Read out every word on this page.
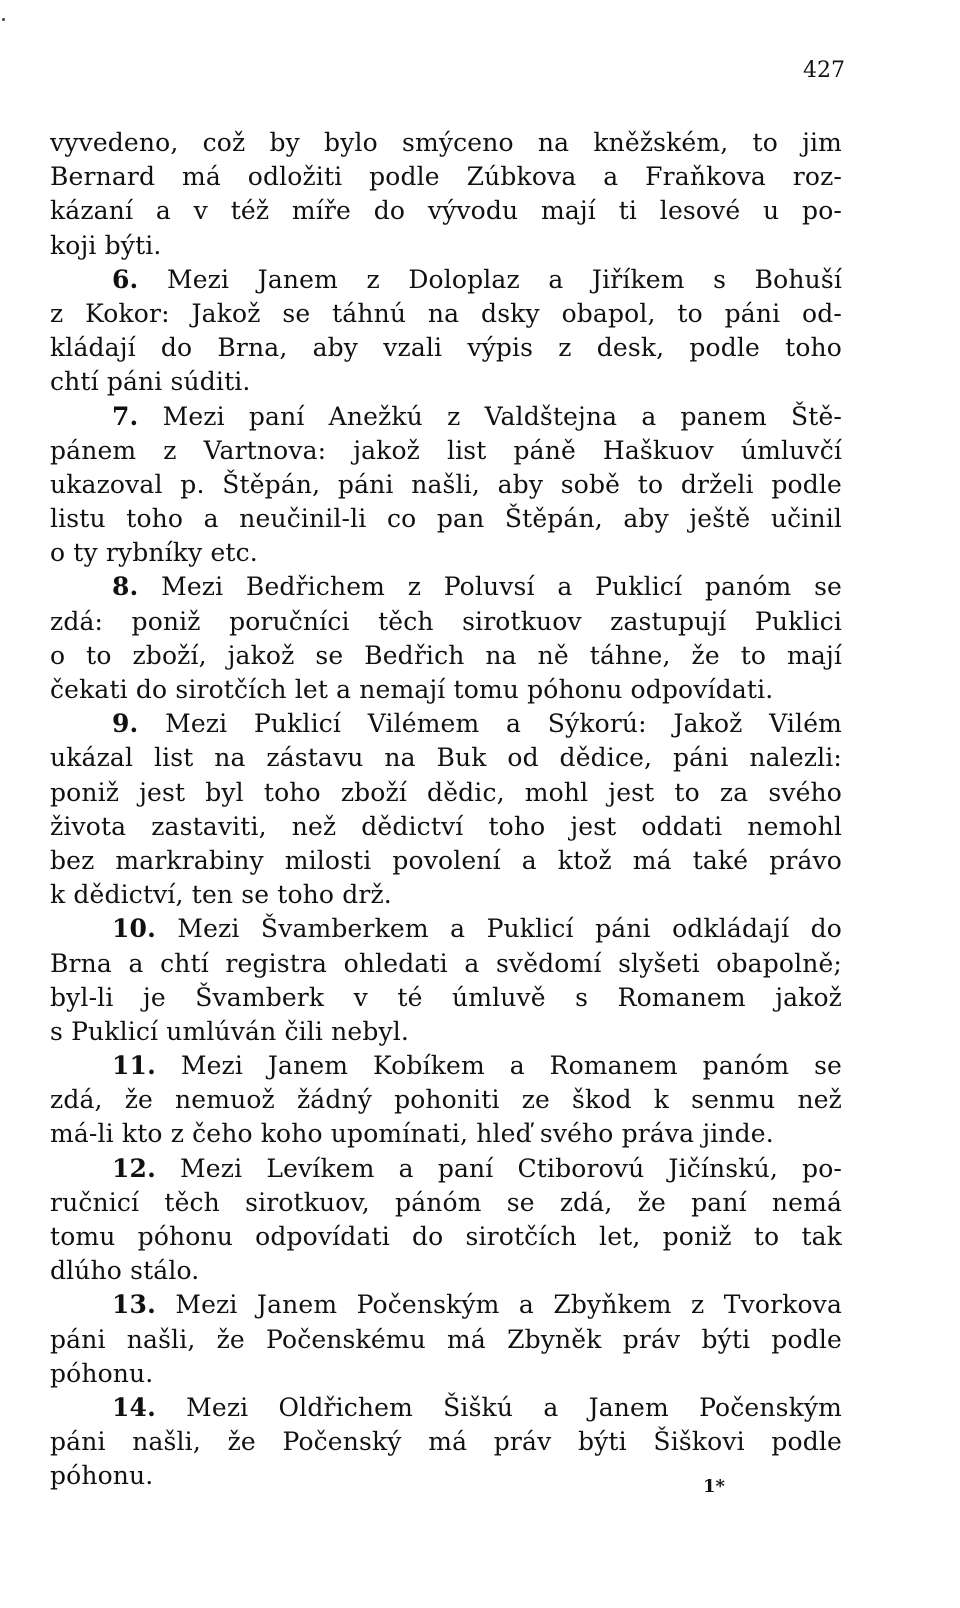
427
vyvedeno, což by bylo smýceno na kněžském, to jim
Bernard má odložiti podle Zúbkova a Fraňkova roz-
kázaní a v též míře do vývodu mají ti lesové u po-
koji býti.
6. Mezi Janem z Doloplaz a Jiříkem s Bohuší
z Kokor: Jakož se táhnú na dsky obapol, to páni od-
kládají do Brna, aby vzali výpis z desk, podle toho
chtí páni súditi.
7. Mezi paní Anežkú z Valdštejna a panem Ště-
pánem z Vartnova: jakož list páně Haškuov úmluvčí
ukazoval p. Štěpán, páni našli, aby sobě to drželi podle
listu toho a neučinil-li co pan Štěpán, aby ještě učinil
o ty rybníky etc.
8. Mezi Bedřichem z Poluvsí a Puklicí panóm se
zdá: poniž poručníci těch sirotkuov zastupují Puklici
o to zboží, jakož se Bedřich na ně táhne, že to mají
čekati do sirotčích let a nemají tomu póhonu odpovídati.
9. Mezi Puklicí Vilémem a Sýkorú: Jakož Vilém
ukázal list na zástavu na Buk od dědice, páni nalezli:
poniž jest byl toho zboží dědic, mohl jest to za svého
života zastaviti, než dědictví toho jest oddati nemohl
bez markrabiny milosti povolení a ktož má také právo
k dědictví, ten se toho drž.
10. Mezi Švamberkem a Puklicí páni odkládají do
Brna a chtí registra ohledati a svědomí slyšeti obapolně;
byl-li je Švamberk v té úmluvě s Romanem jakož
s Puklicí umlúván čili nebyl.
11. Mezi Janem Kobíkem a Romanem panóm se
zdá, že nemuož žádný pohoniti ze škod k senmu než
má-li kto z čeho koho upomínati, hleď svého práva jinde.
12. Mezi Levíkem a paní Ctiborovú Jičínskú, po-
ručnicí těch sirotkuov, pánóm se zdá, že paní nemá
tomu póhonu odpovídati do sirotčích let, poniž to tak
dlúho stálo.
13. Mezi Janem Počenským a Zbyňkem z Tvorkova
páni našli, že Počenskému má Zbyněk práv býti podle
póhonu.
14. Mezi Oldřichem Šiškú a Janem Počenským
páni našli, že Počenský má práv býti Šiškovi podle
póhonu.	1*
